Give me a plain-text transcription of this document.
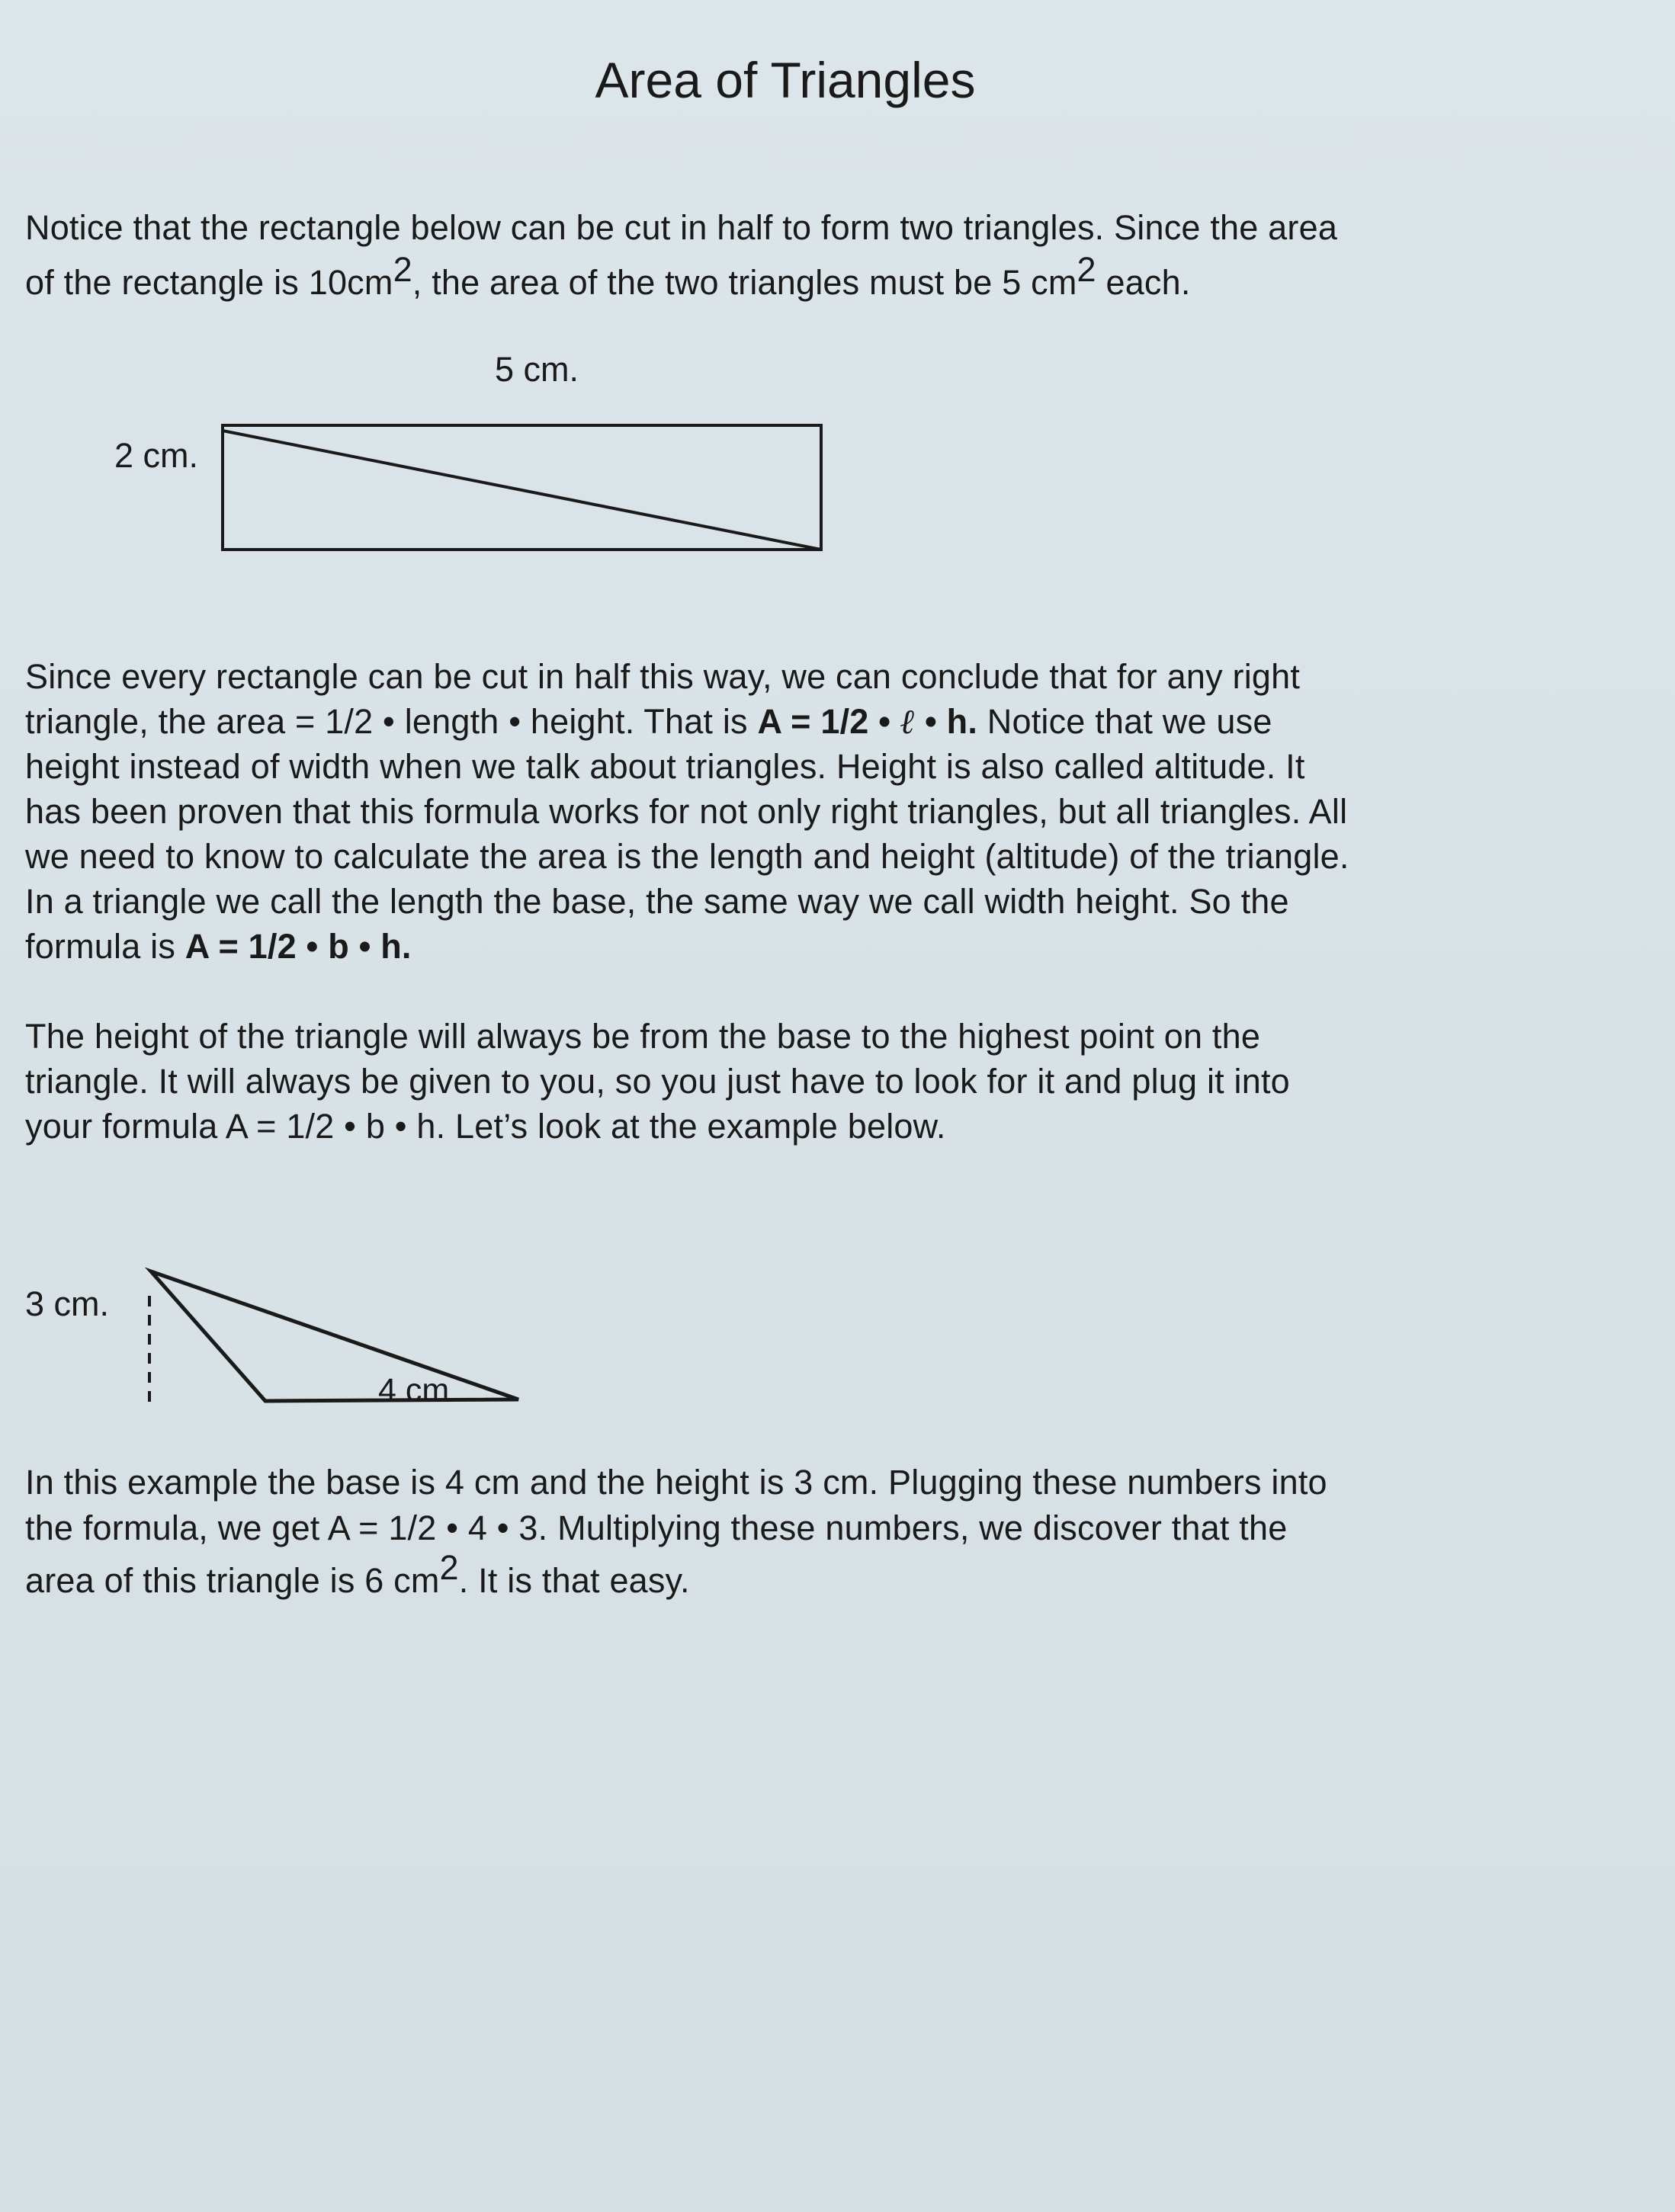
Area of Triangles
Notice that the rectangle below can be cut in half to form two triangles. Since the area
of the rectangle is $10cm^2$, the area of the two triangles must be 5 $cm^2$ each.
5 cm.
2 cm.
Since every rectangle can be cut in half this way, we can conclude that for any right
triangle, the area = 1/2 • length • height. That is A = 1/2 • ℓ • h. Notice that we use
height instead of width when we talk about triangles. Height is also called altitude. It
has been proven that this formula works for not only right triangles, but all triangles. All
we need to know to calculate the area is the length and height (altitude) of the triangle.
In a triangle we call the length the base, the same way we call width height. So the
formula is A = 1/2 • b • h.
The height of the triangle will always be from the base to the highest point on the
triangle. It will always be given to you, so you just have to look for it and plug it into
your formula A = 1/2 • b • h. Let’s look at the example below.
3 cm.
4 cm
In this example the base is 4 cm and the height is 3 cm. Plugging these numbers into
the formula, we get A = 1/2 • 4 • 3. Multiplying these numbers, we discover that the
area of this triangle is 6 $cm^2$. It is that easy.
